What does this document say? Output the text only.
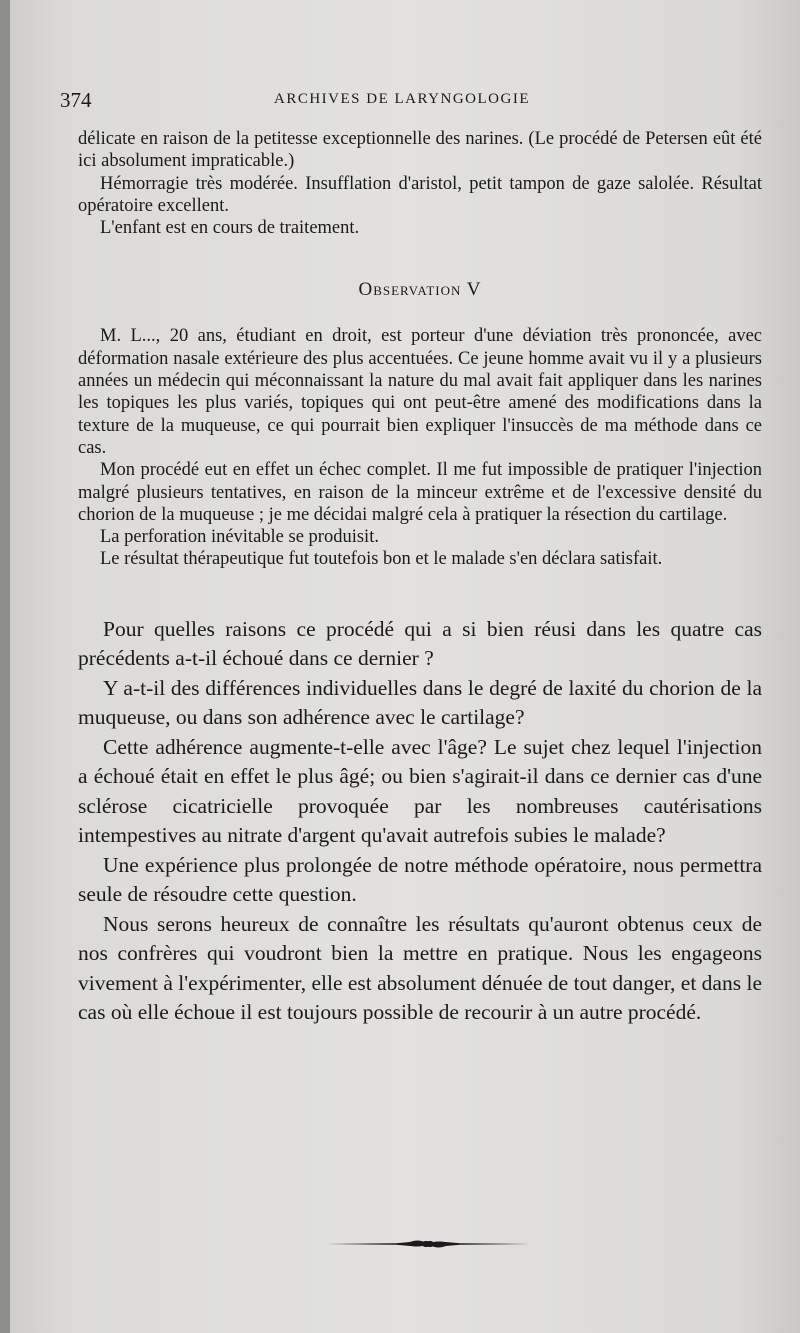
374	ARCHIVES DE LARYNGOLOGIE

délicate en raison de la petitesse exceptionnelle des narines. (Le procédé de Petersen eût été ici absolument impraticable.)

Hémorragie très modérée. Insufflation d'aristol, petit tampon de gaze salolée. Résultat opératoire excellent.

L'enfant est en cours de traitement.

Observation V

M. L..., 20 ans, étudiant en droit, est porteur d'une déviation très prononcée, avec déformation nasale extérieure des plus accentuées. Ce jeune homme avait vu il y a plusieurs années un médecin qui méconnaissant la nature du mal avait fait appliquer dans les narines les topiques les plus variés, topiques qui ont peut-être amené des modifications dans la texture de la muqueuse, ce qui pourrait bien expliquer l'insuccès de ma méthode dans ce cas.

Mon procédé eut en effet un échec complet. Il me fut impossible de pratiquer l'injection malgré plusieurs tentatives, en raison de la minceur extrême et de l'excessive densité du chorion de la muqueuse ; je me décidai malgré cela à pratiquer la résection du cartilage.

La perforation inévitable se produisit.

Le résultat thérapeutique fut toutefois bon et le malade s'en déclara satisfait.

Pour quelles raisons ce procédé qui a si bien réusi dans les quatre cas précédents a-t-il échoué dans ce dernier ?

Y a-t-il des différences individuelles dans le degré de laxité du chorion de la muqueuse, ou dans son adhérence avec le cartilage?

Cette adhérence augmente-t-elle avec l'âge? Le sujet chez lequel l'injection a échoué était en effet le plus âgé; ou bien s'agirait-il dans ce dernier cas d'une sclérose cicatricielle provoquée par les nombreuses cautérisations intempestives au nitrate d'argent qu'avait autrefois subies le malade?

Une expérience plus prolongée de notre méthode opératoire, nous permettra seule de résoudre cette question.

Nous serons heureux de connaître les résultats qu'auront obtenus ceux de nos confrères qui voudront bien la mettre en pratique. Nous les engageons vivement à l'expérimenter, elle est absolument dénuée de tout danger, et dans le cas où elle échoue il est toujours possible de recourir à un autre procédé.
